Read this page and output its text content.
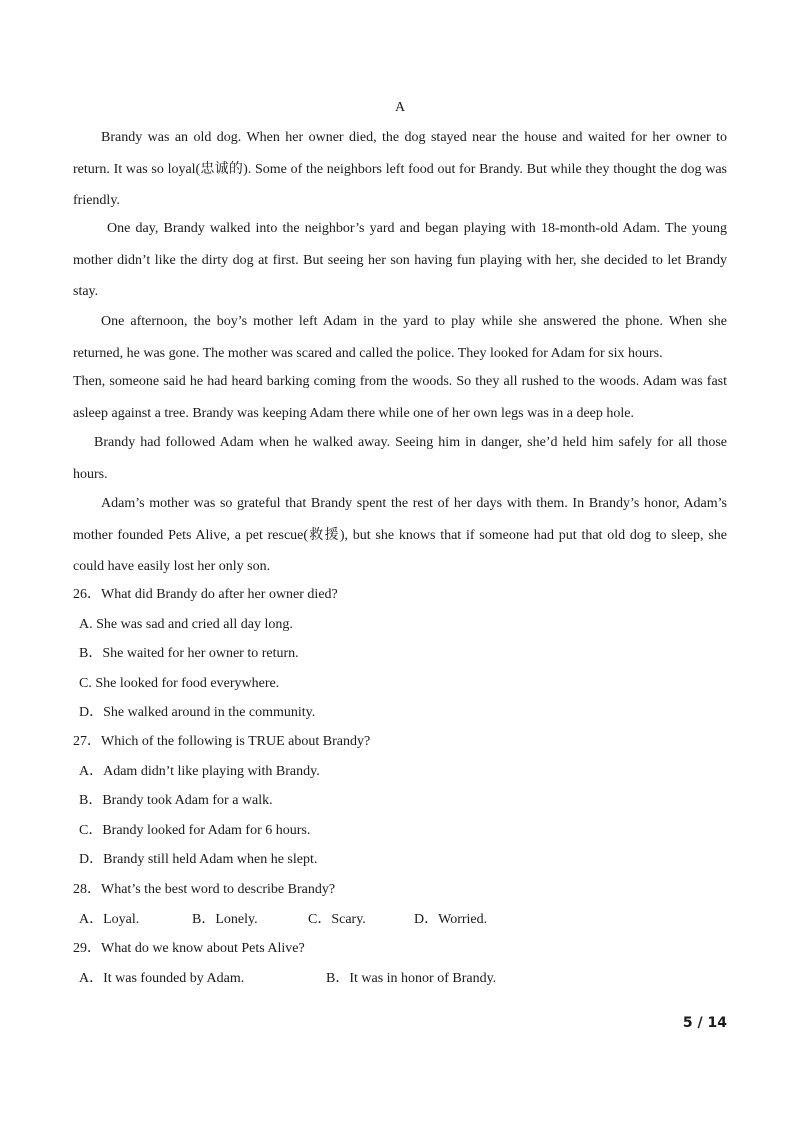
A

Brandy was an old dog. When her owner died, the dog stayed near the house and waited for her owner to return. It was so loyal(忠诚的). Some of the neighbors left food out for Brandy. But while they thought the dog was friendly.

One day, Brandy walked into the neighbor’s yard and began playing with 18-month-old Adam. The young mother didn’t like the dirty dog at first. But seeing her son having fun playing with her, she decided to let Brandy stay.

One afternoon, the boy’s mother left Adam in the yard to play while she answered the phone. When she returned, he was gone. The mother was scared and called the police. They looked for Adam for six hours.

Then, someone said he had heard barking coming from the woods. So they all rushed to the woods. Adam was fast asleep against a tree. Brandy was keeping Adam there while one of her own legs was in a deep hole.

Brandy had followed Adam when he walked away. Seeing him in danger, she’d held him safely for all those hours.

Adam’s mother was so grateful that Brandy spent the rest of her days with them. In Brandy’s honor, Adam’s mother founded Pets Alive, a pet rescue(救援), but she knows that if someone had put that old dog to sleep, she could have easily lost her only son.

26．What did Brandy do after her owner died?
A. She was sad and cried all day long.
B．She waited for her owner to return.
C. She looked for food everywhere.
D．She walked around in the community.
27．Which of the following is TRUE about Brandy?
A．Adam didn’t like playing with Brandy.
B．Brandy took Adam for a walk.
C．Brandy looked for Adam for 6 hours.
D．Brandy still held Adam when he slept.
28．What’s the best word to describe Brandy?
A．Loyal.	B．Lonely.	C．Scary.	D．Worried.
29．What do we know about Pets Alive?
A．It was founded by Adam.	B．It was in honor of Brandy.
5 / 14
